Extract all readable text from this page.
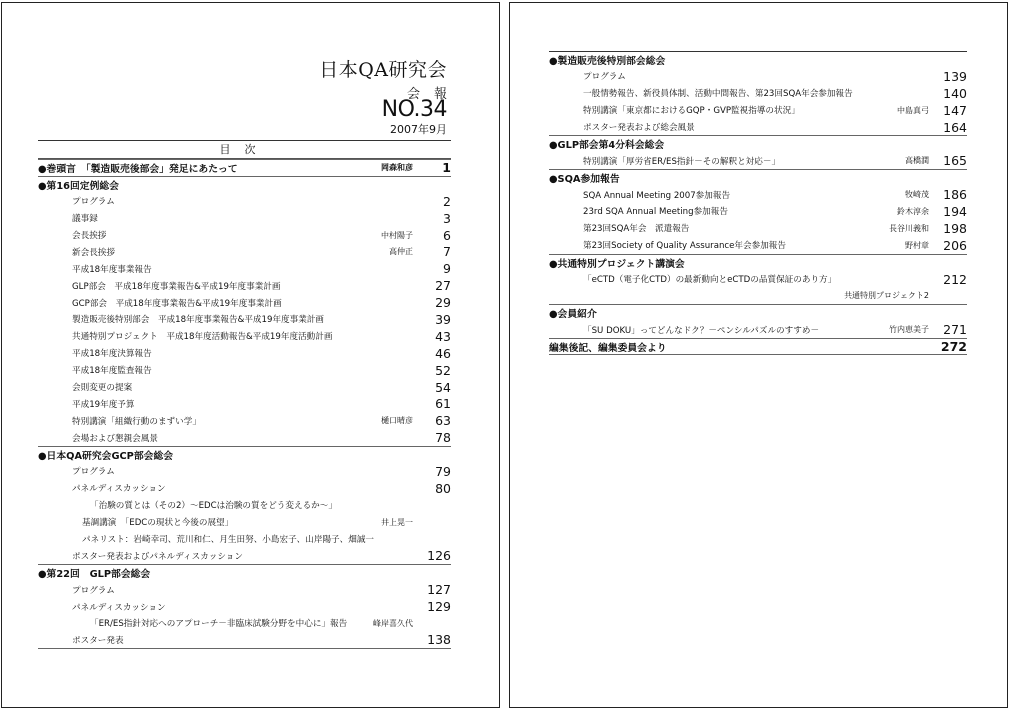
日本QA研究会
会報
NO.34
2007年9月
目次
●巻頭言　「製造販売後部会」発足にあたって	岡森和彦	1
●第16回定例総会
プログラム	2
議事録	3
会長挨拶	中村陽子	6
新会長挨拶	高仲正	7
平成18年度事業報告	9
GLP部会　平成18年度事業報告&平成19年度事業計画	27
GCP部会　平成18年度事業報告&平成19年度事業計画	29
製造販売後特別部会　平成18年度事業報告&平成19年度事業計画	39
共通特別プロジェクト　平成18年度活動報告&平成19年度活動計画	43
平成18年度決算報告	46
平成18年度監査報告	52
会則変更の提案	54
平成19年度予算	61
特別講演「組織行動のまずい学」	樋口晴彦	63
会場および懇親会風景	78
●日本QA研究会GCP部会総会
プログラム	79
パネルディスカッション	80
「治験の質とは（その2）～EDCは治験の質をどう変えるか～」
基調講演　「EDCの現状と今後の展望」	井上晃一
パネリスト：岩崎幸司、荒川和仁、月生田努、小島宏子、山岸陽子、畑誠一
ポスター発表およびパネルディスカッション	126
●第22回　GLP部会総会
プログラム	127
パネルディスカッション	129
「ER/ES指針対応へのアプローチ－非臨床試験分野を中心に」報告	峰岸喜久代
ポスター発表	138
●製造販売後特別部会総会
プログラム	139
一般情勢報告、新役員体制、活動中間報告、第23回SQA年会参加報告	140
特別講演「東京都におけるGQP・GVP監視指導の状況」	中島真弓	147
ポスター発表および総会風景	164
●GLP部会第4分科会総会
特別講演「厚労省ER/ES指針－その解釈と対応－」	高橋潤	165
●SQA参加報告
SQA Annual Meeting 2007参加報告	牧崎茂	186
23rd SQA Annual Meeting参加報告	鈴木淳余	194
第23回SQA年会　派遣報告	長谷川義和	198
第23回Society of Quality Assurance年会参加報告	野村章	206
●共通特別プロジェクト講演会
「eCTD（電子化CTD）の最新動向とeCTDの品質保証のあり方」	212
共通特別プロジェクト2
●会員紹介
「SU DOKU」ってどんなドク？－ペンシルパズルのすすめ－	竹内恵美子	271
編集後記、編集委員会より	272
